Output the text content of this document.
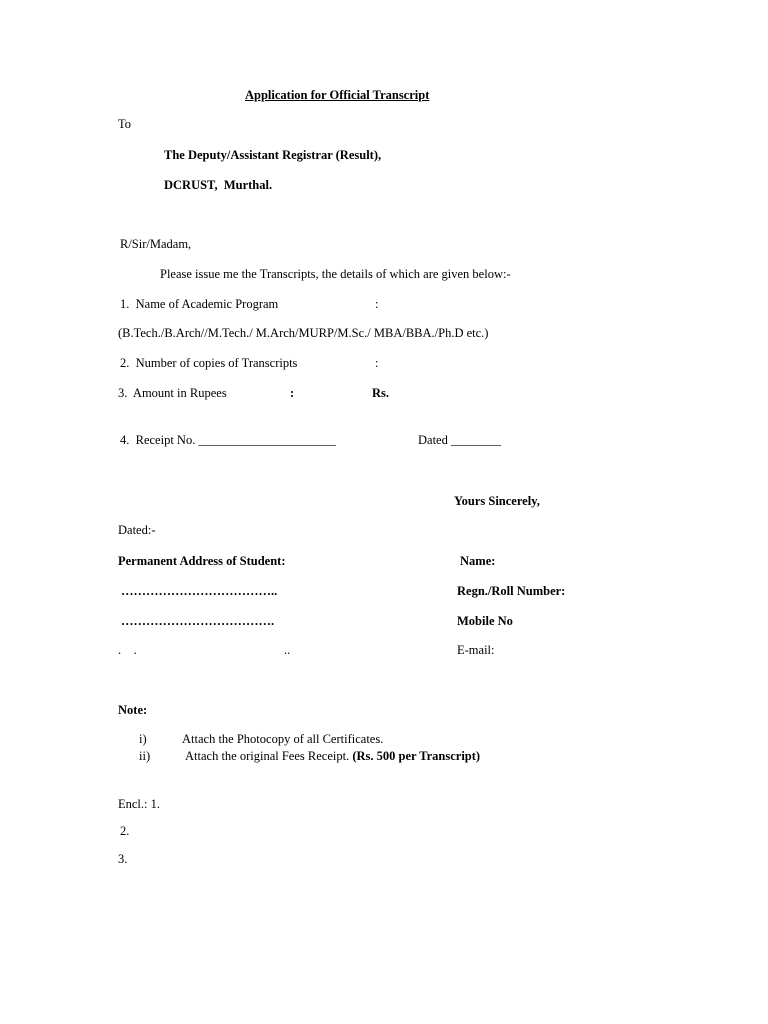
Application for Official Transcript
To
The Deputy/Assistant Registrar (Result),
DCRUST,  Murthal.
R/Sir/Madam,
Please issue me the Transcripts, the details of which are given below:-
1.  Name of Academic Program	:
(B.Tech./B.Arch//M.Tech./ M.Arch/MURP/M.Sc./ MBA/BBA./Ph.D etc.)
2.  Number of copies of Transcripts	:
3.  Amount in Rupees	:	Rs.
4.  Receipt No. ______________________	Dated ________
Yours Sincerely,
Dated:-
Permanent Address of Student:	Name:
………………………………..	Regn./Roll Number:
……………………………….	Mobile No
.    .	..	E-mail:
Note:
i)	Attach the Photocopy of all Certificates.
ii)	Attach the original Fees Receipt. (Rs. 500 per Transcript)
Encl.: 1.
2.
3.
